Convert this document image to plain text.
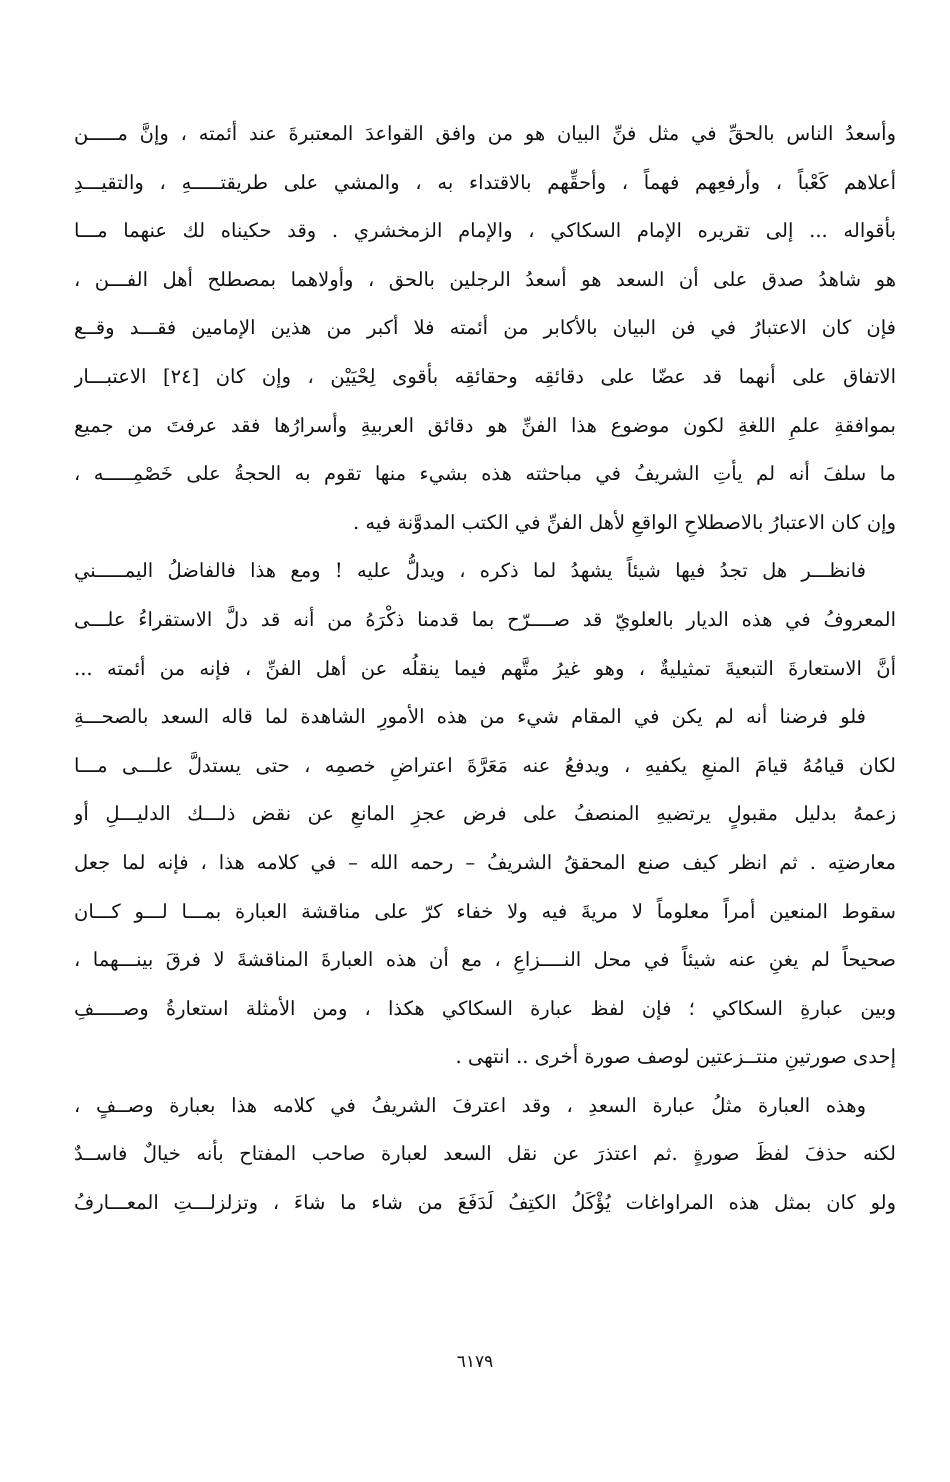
وأسعدُ الناس بالحقِّ في مثل فنِّ البيان هو من وافق القواعدَ المعتبرةَ عند أئمته ، وإنَّ مـــــن
أعلاهم كَعْباً ، وأرفعِهم فهماً ، وأحقِّهم بالاقتداء به ، والمشي على طريقتـــــهِ ، والتقيـــدِ
بأقواله ... إلى تقريره الإمام السكاكي ، والإمام الزمخشري . وقد حكيناه لك عنهما مـــا
هو شاهدُ صدق على أن السعد هو أسعدُ الرجلين بالحق ، وأولاهما بمصطلح أهل الفـــن ،
فإن كان الاعتبارُ في فن البيان بالأكابر من أئمته فلا أكبر من هذين الإمامين فقـــد وقــع
الاتفاق على أنهما قد عضّا على دقائقِه وحقائقِه بأقوى لِحْيَيْن ، وإن كان [٢٤] الاعتبـــار
بموافقةِ علمِ اللغةِ لكون موضوع هذا الفنِّ هو دقائق العربيةِ وأسرارُها فقد عرفتَ من جميع
ما سلفَ أنه لم يأتِ الشريفُ في مباحثته هذه بشيء منها تقوم به الحجةُ على خَصْمِـــــه ،
وإن كان الاعتبارُ بالاصطلاحِ الواقعِ لأهل الفنِّ في الكتب المدوَّنة فيه .
فانظـــر هل تجدُ فيها شيئاً يشهدُ لما ذكره ، ويدلُّ عليه ! ومع هذا فالفاضلُ اليمـــــني
المعروفُ في هذه الديار بالعلويّ قد صــــرّح بما قدمنا ذكْرَهُ من أنه قد دلَّ الاستقراءُ علـــى
أنَّ الاستعارةَ التبعيةَ تمثيليةٌ ، وهو غيرُ متَّهم فيما ينقلُه عن أهل الفنِّ ، فإنه من أئمته ...
فلو فرضنا أنه لم يكن في المقام شيء من هذه الأمورِ الشاهدة لما قاله السعد بالصحـــةِ
لكان قيامُهُ قيامَ المنعِ يكفيهِ ، ويدفعُ عنه مَعَرَّةَ اعتراضِ خصمِه ، حتى يستدلَّ علـــى مـــا
زعمهُ بدليل مقبولٍ يرتضيهِ المنصفُ على فرض عجزِ المانعِ عن نقض ذلـــك الدليـــلِ أو
معارضتِه . ثم انظر كيف صنع المحققُ الشريفُ – رحمه الله – في كلامه هذا ، فإنه لما جعل
سقوط المنعين أمراً معلوماً لا مريةَ فيه ولا خفاء كرّ على مناقشة العبارة بمـــا لـــو كـــان
صحيحاً لم يغنِ عنه شيئاً في محل النــــزاعِ ، مع أن هذه العبارةَ المناقشةَ لا فرقَ بينـــهما ،
وبين عبارةِ السكاكي ؛ فإن لفظ عبارة السكاكي هكذا ، ومن الأمثلة استعارةُ وصـــــفِ
إحدى صورتينِ منتــزعتين لوصف صورة أخرى .. انتهى .
وهذه العبارة مثلُ عبارة السعدِ ، وقد اعترفَ الشريفُ في كلامه هذا بعبارة وصــفٍ ،
لكنه حذفَ لفظَ صورةٍ .ثم اعتذرَ عن نقل السعد لعبارة صاحب المفتاح بأنه خيالٌ فاســدٌ
ولو كان بمثل هذه المراواغات يُؤْكَلُ الكتِفُ لَدَفَعَ من شاء ما شاءَ ، وتزلزلـــتِ المعـــارفُ
٦١٧٩
